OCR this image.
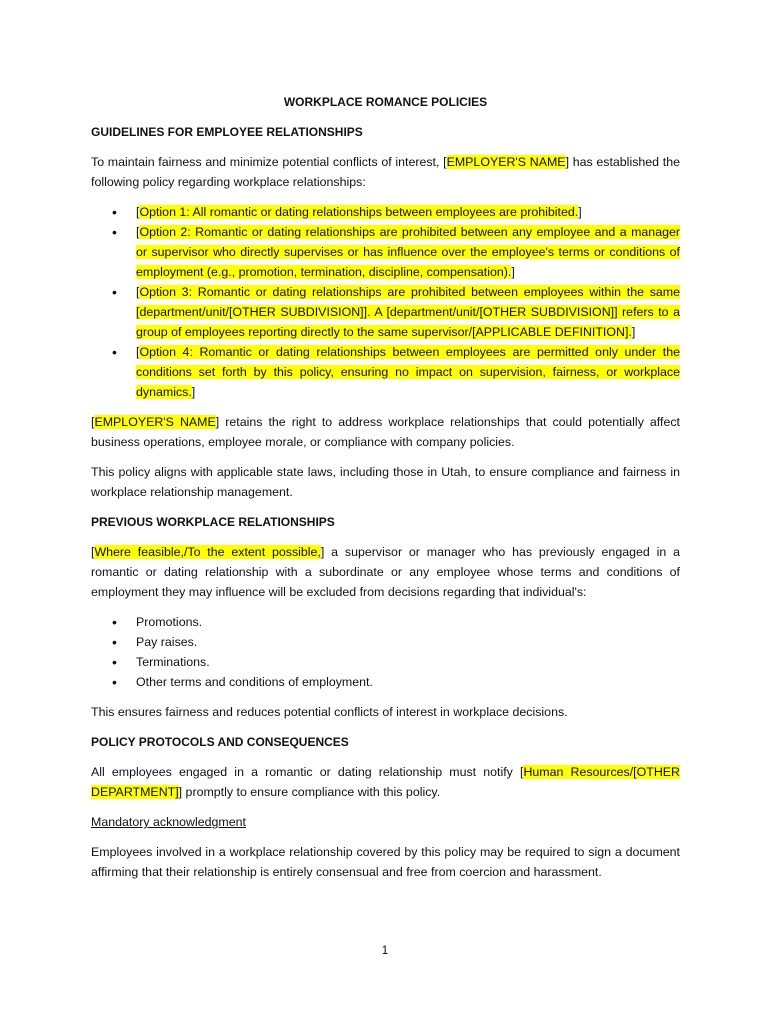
WORKPLACE ROMANCE POLICIES
GUIDELINES FOR EMPLOYEE RELATIONSHIPS

To maintain fairness and minimize potential conflicts of interest, [EMPLOYER'S NAME] has established the following policy regarding workplace relationships:

• [Option 1: All romantic or dating relationships between employees are prohibited.]
• [Option 2: Romantic or dating relationships are prohibited between any employee and a manager or supervisor who directly supervises or has influence over the employee's terms or conditions of employment (e.g., promotion, termination, discipline, compensation).]
• [Option 3: Romantic or dating relationships are prohibited between employees within the same [department/unit/[OTHER SUBDIVISION]]. A [department/unit/[OTHER SUBDIVISION]] refers to a group of employees reporting directly to the same supervisor/[APPLICABLE DEFINITION].]
• [Option 4: Romantic or dating relationships between employees are permitted only under the conditions set forth by this policy, ensuring no impact on supervision, fairness, or workplace dynamics.]

[EMPLOYER'S NAME] retains the right to address workplace relationships that could potentially affect business operations, employee morale, or compliance with company policies.

This policy aligns with applicable state laws, including those in Utah, to ensure compliance and fairness in workplace relationship management.

PREVIOUS WORKPLACE RELATIONSHIPS

[Where feasible,/To the extent possible,] a supervisor or manager who has previously engaged in a romantic or dating relationship with a subordinate or any employee whose terms and conditions of employment they may influence will be excluded from decisions regarding that individual's:

• Promotions.
• Pay raises.
• Terminations.
• Other terms and conditions of employment.

This ensures fairness and reduces potential conflicts of interest in workplace decisions.

POLICY PROTOCOLS AND CONSEQUENCES

All employees engaged in a romantic or dating relationship must notify [Human Resources/[OTHER DEPARTMENT]] promptly to ensure compliance with this policy.

Mandatory acknowledgment

Employees involved in a workplace relationship covered by this policy may be required to sign a document affirming that their relationship is entirely consensual and free from coercion and harassment.

1
